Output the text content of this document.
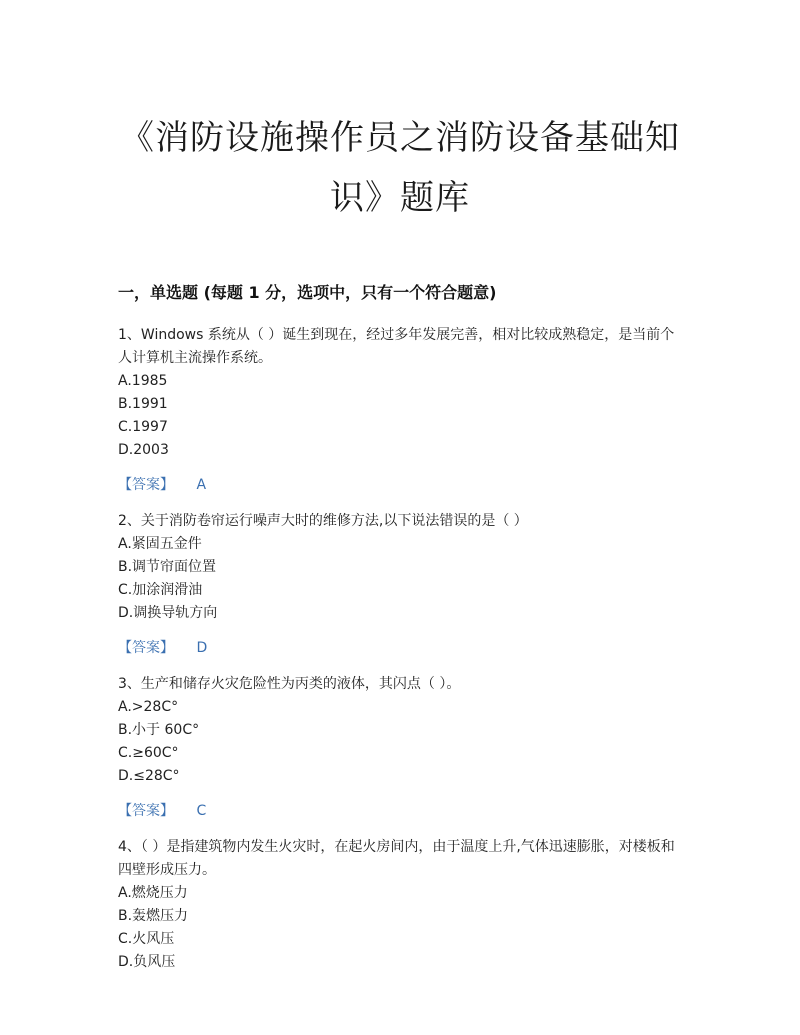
《消防设施操作员之消防设备基础知识》题库
一，单选题 (每题 1 分，选项中，只有一个符合题意)

1、Windows 系统从（ ）诞生到现在，经过多年发展完善，相对比较成熟稳定，是当前个人计算机主流操作系统。

A.1985

B.1991

C.1997

D.2003

【答案】 A

2、关于消防卷帘运行噪声大时的维修方法,以下说法错误的是（ ）

A.紧固五金件

B.调节帘面位置

C.加涂润滑油

D.调换导轨方向

【答案】 D

3、生产和储存火灾危险性为丙类的液体，其闪点（ ）。

A.>28C°

B.小于 60C°

C.≥60C°

D.≤28C°

【答案】 C

4、（ ）是指建筑物内发生火灾时，在起火房间内，由于温度上升,气体迅速膨胀，对楼板和四壁形成压力。

A.燃烧压力

B.轰燃压力

C.火风压

D.负风压
